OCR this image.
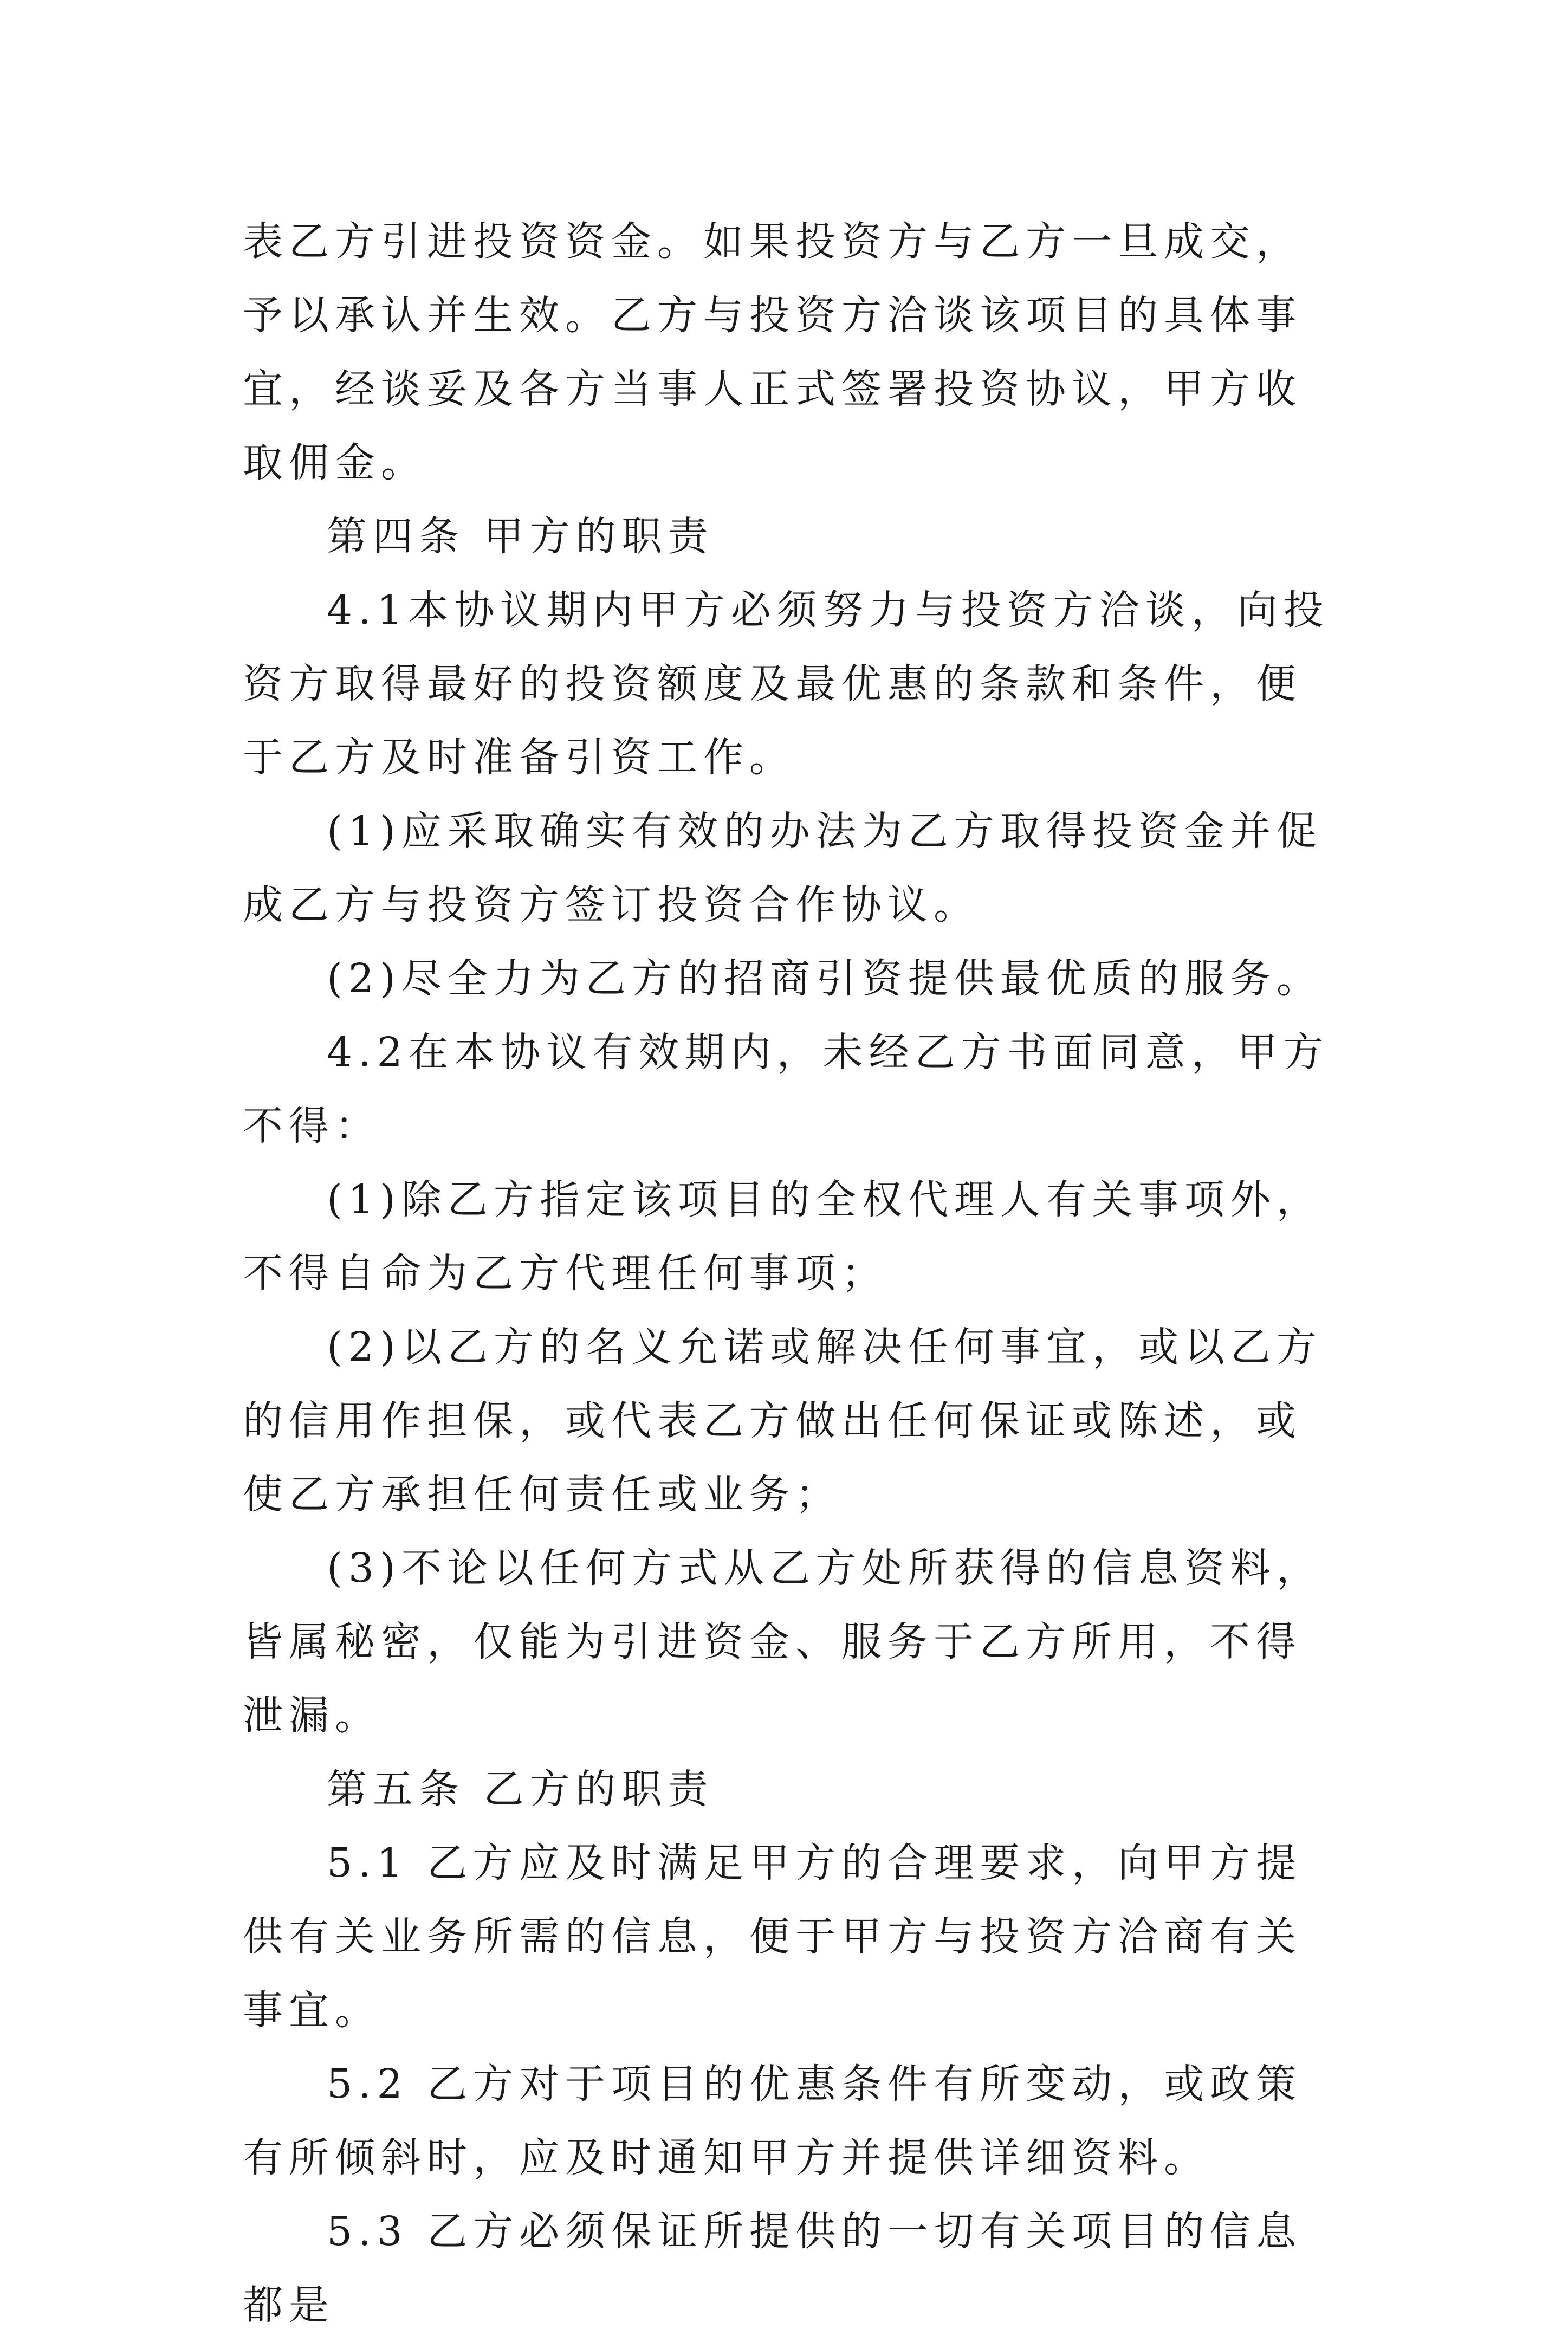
表乙方引进投资资金。如果投资方与乙方一旦成交，予以承认并生效。乙方与投资方洽谈该项目的具体事宜，经谈妥及各方当事人正式签署投资协议，甲方收取佣金。

第四条 甲方的职责

4.1本协议期内甲方必须努力与投资方洽谈，向投资方取得最好的投资额度及最优惠的条款和条件，便于乙方及时准备引资工作。

(1)应采取确实有效的办法为乙方取得投资金并促成乙方与投资方签订投资合作协议。

(2)尽全力为乙方的招商引资提供最优质的服务。

4.2在本协议有效期内，未经乙方书面同意，甲方不得：

(1)除乙方指定该项目的全权代理人有关事项外，不得自命为乙方代理任何事项；

(2)以乙方的名义允诺或解决任何事宜，或以乙方的信用作担保，或代表乙方做出任何保证或陈述，或使乙方承担任何责任或业务；

(3)不论以任何方式从乙方处所获得的信息资料，皆属秘密，仅能为引进资金、服务于乙方所用，不得泄漏。

第五条 乙方的职责

5.1 乙方应及时满足甲方的合理要求，向甲方提供有关业务所需的信息，便于甲方与投资方洽商有关事宜。

5.2 乙方对于项目的优惠条件有所变动，或政策有所倾斜时，应及时通知甲方并提供详细资料。

5.3 乙方必须保证所提供的一切有关项目的信息都是
